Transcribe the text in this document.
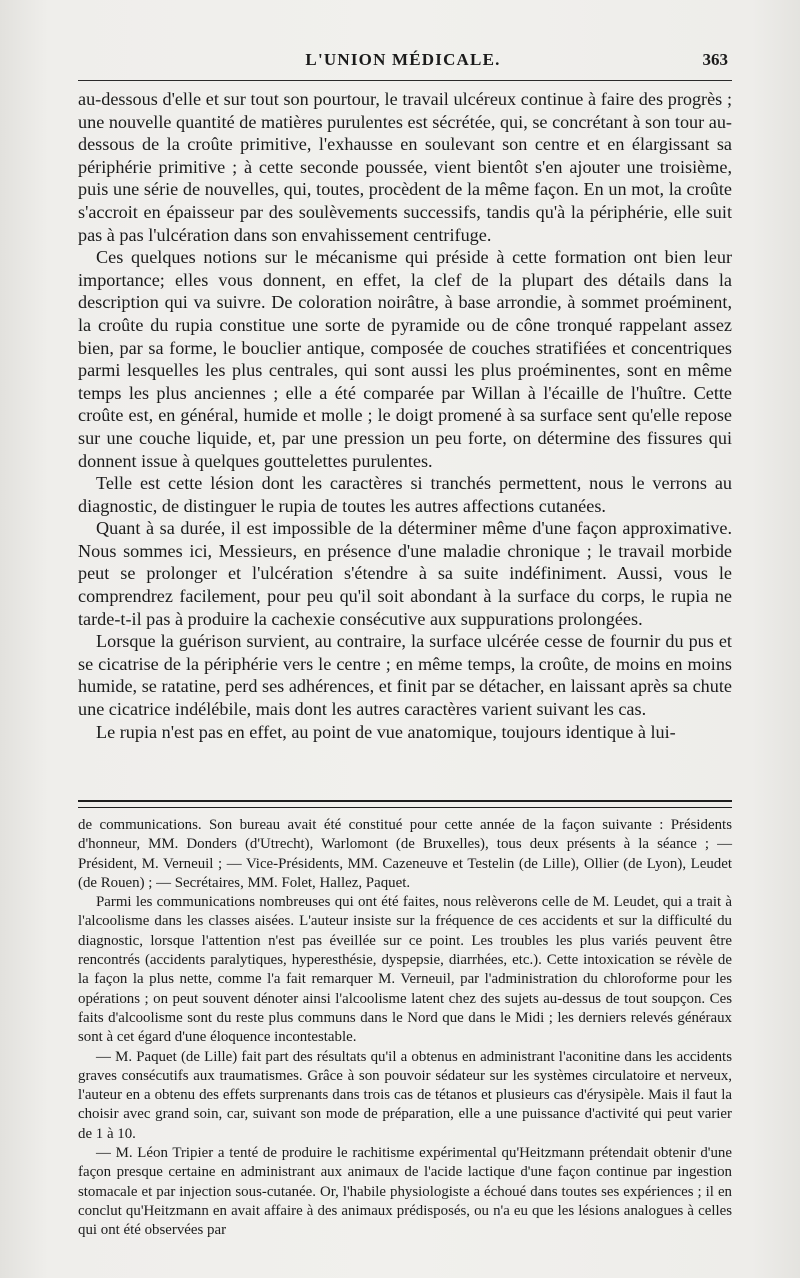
L'UNION MÉDICALE.	363

au-dessous d'elle et sur tout son pourtour, le travail ulcéreux continue à faire des progrès ; une nouvelle quantité de matières purulentes est sécrétée, qui, se concrétant à son tour au-dessous de la croûte primitive, l'exhausse en soulevant son centre et en élargissant sa périphérie primitive ; à cette seconde poussée, vient bientôt s'en ajouter une troisième, puis une série de nouvelles, qui, toutes, procèdent de la même façon. En un mot, la croûte s'accroit en épaisseur par des soulèvements successifs, tandis qu'à la périphérie, elle suit pas à pas l'ulcération dans son envahissement centrifuge.

Ces quelques notions sur le mécanisme qui préside à cette formation ont bien leur importance; elles vous donnent, en effet, la clef de la plupart des détails dans la description qui va suivre. De coloration noirâtre, à base arrondie, à sommet proéminent, la croûte du rupia constitue une sorte de pyramide ou de cône tronqué rappelant assez bien, par sa forme, le bouclier antique, composée de couches stratifiées et concentriques parmi lesquelles les plus centrales, qui sont aussi les plus proéminentes, sont en même temps les plus anciennes ; elle a été comparée par Willan à l'écaille de l'huître. Cette croûte est, en général, humide et molle ; le doigt promené à sa surface sent qu'elle repose sur une couche liquide, et, par une pression un peu forte, on détermine des fissures qui donnent issue à quelques gouttelettes purulentes.

Telle est cette lésion dont les caractères si tranchés permettent, nous le verrons au diagnostic, de distinguer le rupia de toutes les autres affections cutanées.

Quant à sa durée, il est impossible de la déterminer même d'une façon approximative. Nous sommes ici, Messieurs, en présence d'une maladie chronique ; le travail morbide peut se prolonger et l'ulcération s'étendre à sa suite indéfiniment. Aussi, vous le comprendrez facilement, pour peu qu'il soit abondant à la surface du corps, le rupia ne tarde-t-il pas à produire la cachexie consécutive aux suppurations prolongées.

Lorsque la guérison survient, au contraire, la surface ulcérée cesse de fournir du pus et se cicatrise de la périphérie vers le centre ; en même temps, la croûte, de moins en moins humide, se ratatine, perd ses adhérences, et finit par se détacher, en laissant après sa chute une cicatrice indélébile, mais dont les autres caractères varient suivant les cas.

Le rupia n'est pas en effet, au point de vue anatomique, toujours identique à lui-

de communications. Son bureau avait été constitué pour cette année de la façon suivante : Présidents d'honneur, MM. Donders (d'Utrecht), Warlomont (de Bruxelles), tous deux présents à la séance ; — Président, M. Verneuil ; — Vice-Présidents, MM. Cazeneuve et Testelin (de Lille), Ollier (de Lyon), Leudet (de Rouen) ; — Secrétaires, MM. Folet, Hallez, Paquet.

Parmi les communications nombreuses qui ont été faites, nous relèverons celle de M. Leudet, qui a trait à l'alcoolisme dans les classes aisées. L'auteur insiste sur la fréquence de ces accidents et sur la difficulté du diagnostic, lorsque l'attention n'est pas éveillée sur ce point. Les troubles les plus variés peuvent être rencontrés (accidents paralytiques, hyperesthésie, dyspepsie, diarrhées, etc.). Cette intoxication se révèle de la façon la plus nette, comme l'a fait remarquer M. Verneuil, par l'administration du chloroforme pour les opérations ; on peut souvent dénoter ainsi l'alcoolisme latent chez des sujets au-dessus de tout soupçon. Ces faits d'alcoolisme sont du reste plus communs dans le Nord que dans le Midi ; les derniers relevés généraux sont à cet égard d'une éloquence incontestable.

— M. Paquet (de Lille) fait part des résultats qu'il a obtenus en administrant l'aconitine dans les accidents graves consécutifs aux traumatismes. Grâce à son pouvoir sédateur sur les systèmes circulatoire et nerveux, l'auteur en a obtenu des effets surprenants dans trois cas de tétanos et plusieurs cas d'érysipèle. Mais il faut la choisir avec grand soin, car, suivant son mode de préparation, elle a une puissance d'activité qui peut varier de 1 à 10.

— M. Léon Tripier a tenté de produire le rachitisme expérimental qu'Heitzmann prétendait obtenir d'une façon presque certaine en administrant aux animaux de l'acide lactique d'une façon continue par ingestion stomacale et par injection sous-cutanée. Or, l'habile physiologiste a échoué dans toutes ses expériences ; il en conclut qu'Heitzmann en avait affaire à des animaux prédisposés, ou n'a eu que les lésions analogues à celles qui ont été observées par
